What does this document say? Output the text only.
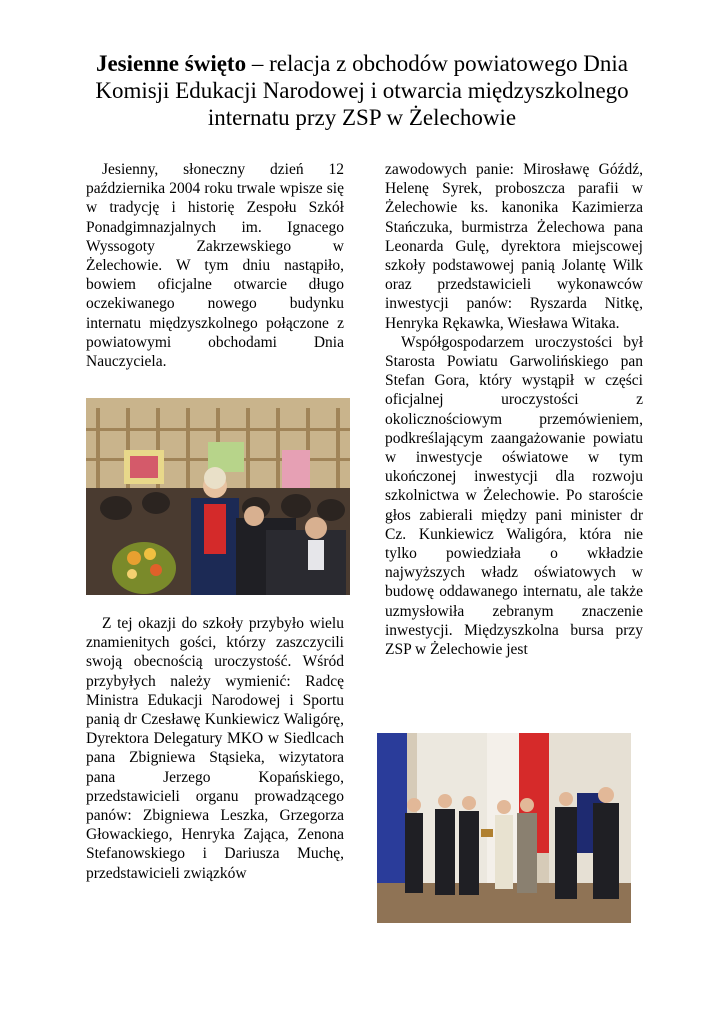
Jesienne święto – relacja z obchodów powiatowego Dnia Komisji Edukacji Narodowej i otwarcia międzyszkolnego internatu przy ZSP w Żelechowie

Jesienny, słoneczny dzień 12 października 2004 roku trwale wpisze się w tradycję i historię Zespołu Szkół Ponadgimnazjalnych im. Ignacego Wyssogoty Zakrzewskiego w Żelechowie. W tym dniu nastąpiło, bowiem oficjalne otwarcie długo oczekiwanego nowego budynku internatu międzyszkolnego połączone z powiatowymi obchodami Dnia Nauczyciela.

Z tej okazji do szkoły przybyło wielu znamienitych gości, którzy zaszczycili swoją obecnością uroczystość. Wśród przybyłych należy wymienić: Radcę Ministra Edukacji Narodowej i Sportu panią dr Czesławę Kunkiewicz Waligórę, Dyrektora Delegatury MKO w Siedlcach pana Zbigniewa Stąsieka, wizytatora pana Jerzego Kopańskiego, przedstawicieli organu prowadzącego panów: Zbigniewa Leszka, Grzegorza Głowackiego, Henryka Zająca, Zenona Stefanowskiego i Dariusza Muchę, przedstawicieli związków

zawodowych panie: Mirosławę Góźdź, Helenę Syrek, proboszcza parafii w Żelechowie ks. kanonika Kazimierza Stańczuka, burmistrza Żelechowa pana Leonarda Gulę, dyrektora miejscowej szkoły podstawowej panią Jolantę Wilk oraz przedstawicieli wykonawców inwestycji panów: Ryszarda Nitkę, Henryka Rękawka, Wiesława Witaka.

Współgospodarzem uroczystości był Starosta Powiatu Garwolińskiego pan Stefan Gora, który wystąpił w części oficjalnej uroczystości z okolicznościowym przemówieniem, podkreślającym zaangażowanie powiatu w inwestycje oświatowe w tym ukończonej inwestycji dla rozwoju szkolnictwa w Żelechowie. Po staroście głos zabierali między pani minister dr Cz. Kunkiewicz Waligóra, która nie tylko powiedziała o wkładzie najwyższych władz oświatowych w budowę oddawanego internatu, ale także uzmysłowiła zebranym znaczenie inwestycji. Międzyszkolna bursa przy ZSP w Żelechowie jest
